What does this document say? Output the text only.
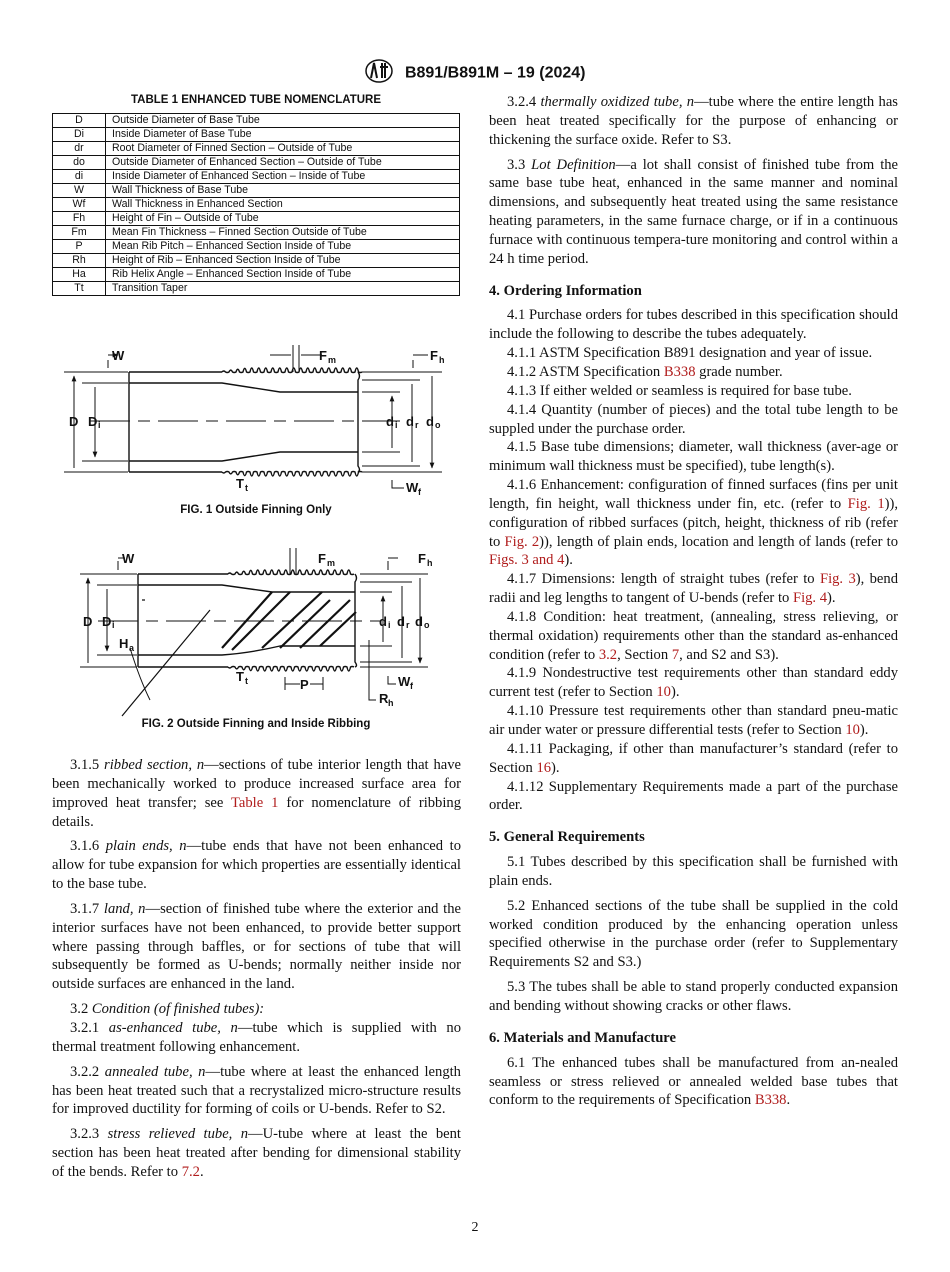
B891/B891M – 19 (2024)
TABLE 1 ENHANCED TUBE NOMENCLATURE
D	Outside Diameter of Base Tube
Di	Inside Diameter of Base Tube
dr	Root Diameter of Finned Section – Outside of Tube
do	Outside Diameter of Enhanced Section – Outside of Tube
di	Inside Diameter of Enhanced Section – Inside of Tube
W	Wall Thickness of Base Tube
Wf	Wall Thickness in Enhanced Section
Fh	Height of Fin – Outside of Tube
Fm	Mean Fin Thickness – Finned Section Outside of Tube
P	Mean Rib Pitch – Enhanced Section Inside of Tube
Rh	Height of Rib – Enhanced Section Inside of Tube
Ha	Rib Helix Angle – Enhanced Section Inside of Tube
Tt	Transition Taper
W	F m	F h
D D i	d i d r d o
T t	W f
W	F m	F h
D D i
H a
d i d r d o
T t	P	W f
R h
FIG. 1 Outside Finning Only
FIG. 2 Outside Finning and Inside Ribbing

3.1.5 ribbed section, n—sections of tube interior length that have been mechanically worked to produce increased surface area for improved heat transfer; see Table 1 for nomenclature of ribbing details.

3.1.6 plain ends, n—tube ends that have not been enhanced to allow for tube expansion for which properties are essentially identical to the base tube.

3.1.7 land, n—section of finished tube where the exterior and the interior surfaces have not been enhanced, to provide better support where passing through baffles, or for sections of tube that will subsequently be formed as U-bends; normally neither inside nor outside surfaces are enhanced in the land.

3.2 Condition (of finished tubes):

3.2.1 as-enhanced tube, n—tube which is supplied with no thermal treatment following enhancement.

3.2.2 annealed tube, n—tube where at least the enhanced length has been heat treated such that a recrystalized micro-structure results for improved ductility for forming of coils or U-bends. Refer to S2.

3.2.3 stress relieved tube, n—U-tube where at least the bent section has been heat treated after bending for dimensional stability of the bends. Refer to 7.2.

3.2.4 thermally oxidized tube, n—tube where the entire length has been heat treated specifically for the purpose of enhancing or thickening the surface oxide. Refer to S3.

3.3 Lot Definition—a lot shall consist of finished tube from the same base tube heat, enhanced in the same manner and nominal dimensions, and subsequently heat treated using the same resistance heating parameters, in the same furnace charge, or if in a continuous furnace with continuous tempera-ture monitoring and control within a 24 h time period.

4. Ordering Information

4.1 Purchase orders for tubes described in this specification should include the following to describe the tubes adequately.

4.1.1 ASTM Specification B891 designation and year of issue.

4.1.2 ASTM Specification B338 grade number.

4.1.3 If either welded or seamless is required for base tube.

4.1.4 Quantity (number of pieces) and the total tube length to be suppled under the purchase order.

4.1.5 Base tube dimensions; diameter, wall thickness (aver-age or minimum wall thickness must be specified), tube length(s).

4.1.6 Enhancement: configuration of finned surfaces (fins per unit length, fin height, wall thickness under fin, etc. (refer to Fig. 1)), configuration of ribbed surfaces (pitch, height, thickness of rib (refer to Fig. 2)), length of plain ends, location and length of lands (refer to Figs. 3 and 4).

4.1.7 Dimensions: length of straight tubes (refer to Fig. 3), bend radii and leg lengths to tangent of U-bends (refer to Fig. 4).

4.1.8 Condition: heat treatment, (annealing, stress relieving, or thermal oxidation) requirements other than the standard as-enhanced condition (refer to 3.2, Section 7, and S2 and S3).

4.1.9 Nondestructive test requirements other than standard eddy current test (refer to Section 10).

4.1.10 Pressure test requirements other than standard pneu-matic air under water or pressure differential tests (refer to Section 10).

4.1.11 Packaging, if other than manufacturer’s standard (refer to Section 16).

4.1.12 Supplementary Requirements made a part of the purchase order.

5. General Requirements

5.1 Tubes described by this specification shall be furnished with plain ends.

5.2 Enhanced sections of the tube shall be supplied in the cold worked condition produced by the enhancing operation unless specified otherwise in the purchase order (refer to Supplementary Requirements S2 and S3.)

5.3 The tubes shall be able to stand properly conducted expansion and bending without showing cracks or other flaws.

6. Materials and Manufacture

6.1 The enhanced tubes shall be manufactured from an-nealed seamless or stress relieved or annealed welded base tubes that conform to the requirements of Specification B338.

2
